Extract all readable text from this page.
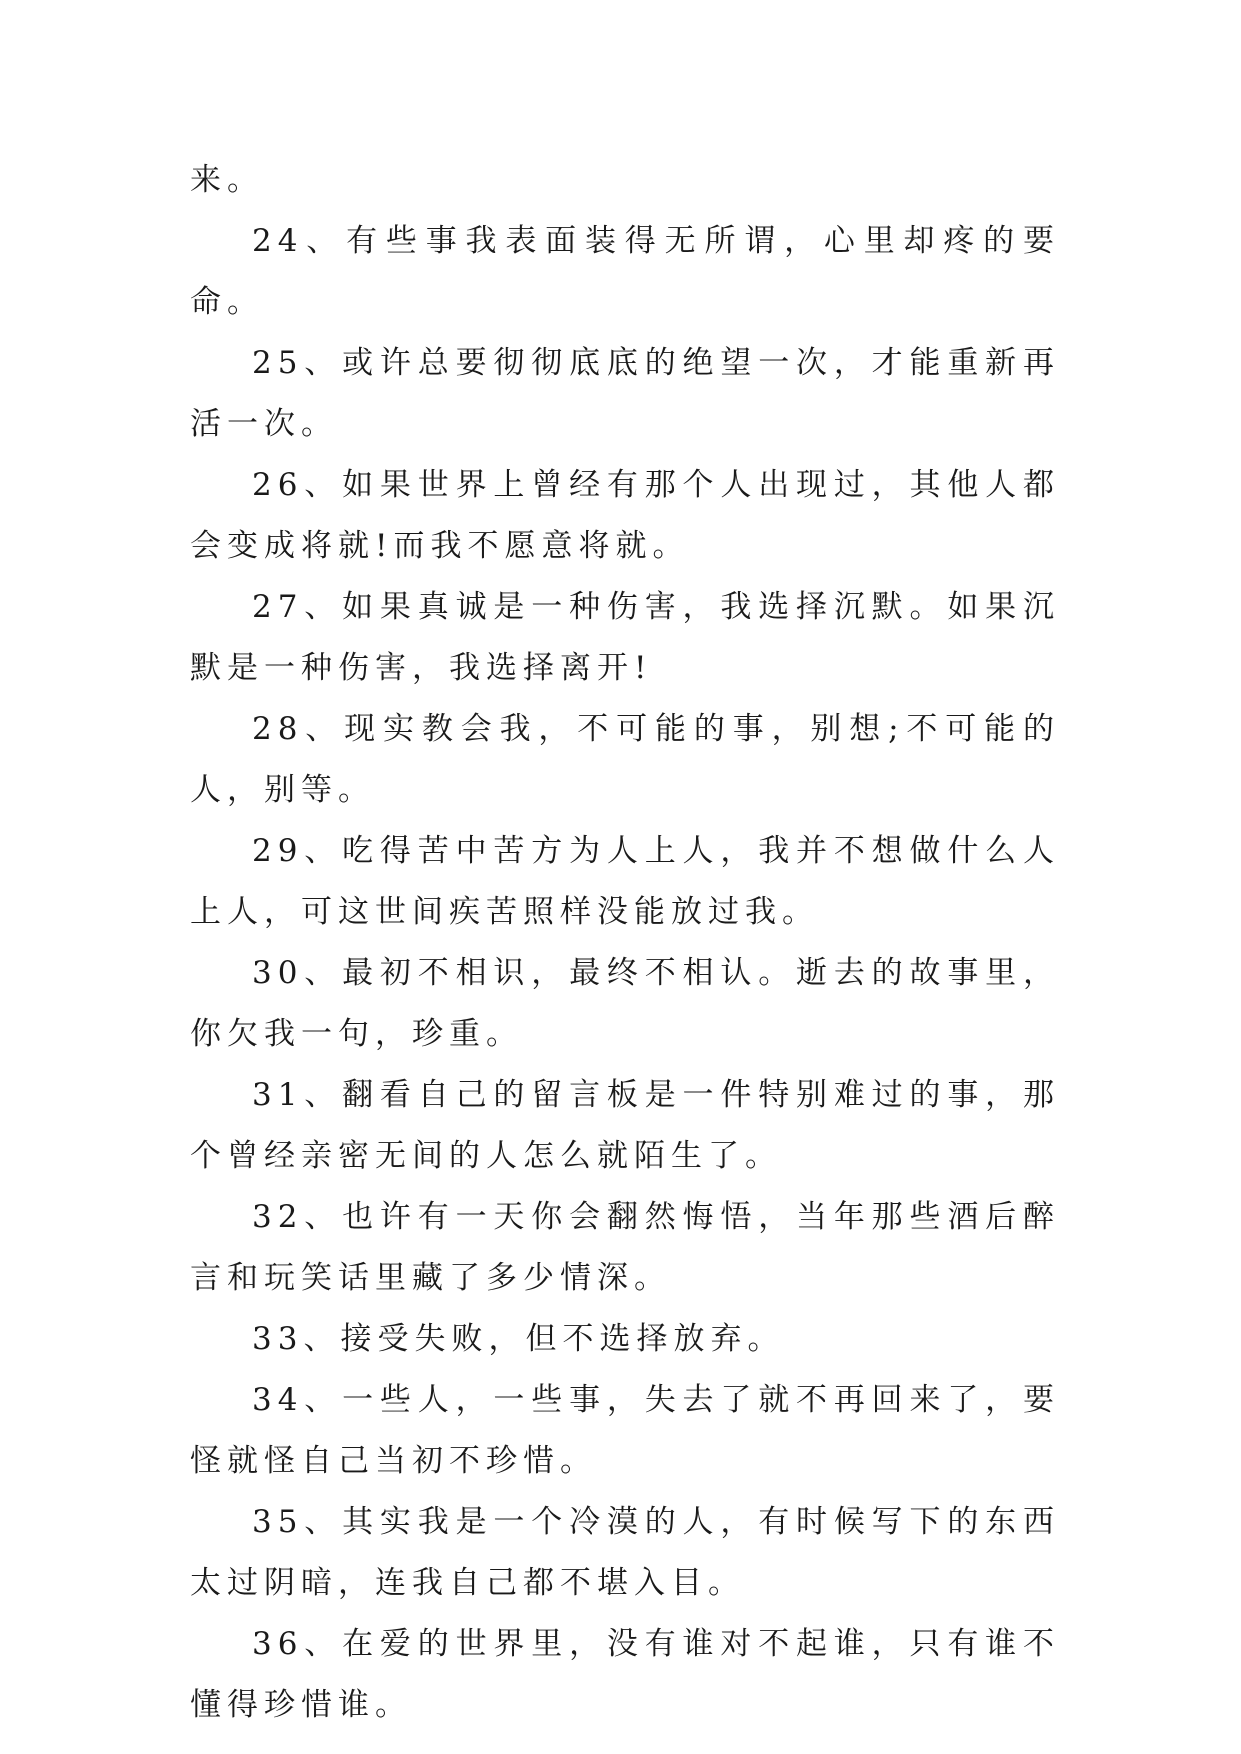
来。

24、有些事我表面装得无所谓，心里却疼的要命。

25、或许总要彻彻底底的绝望一次，才能重新再活一次。

26、如果世界上曾经有那个人出现过，其他人都会变成将就!而我不愿意将就。

27、如果真诚是一种伤害，我选择沉默。如果沉默是一种伤害，我选择离开!

28、现实教会我，不可能的事，别想;不可能的人，别等。

29、吃得苦中苦方为人上人，我并不想做什么人上人，可这世间疾苦照样没能放过我。

30、最初不相识，最终不相认。逝去的故事里，你欠我一句，珍重。

31、翻看自己的留言板是一件特别难过的事，那个曾经亲密无间的人怎么就陌生了。

32、也许有一天你会翻然悔悟，当年那些酒后醉言和玩笑话里藏了多少情深。

33、接受失败，但不选择放弃。

34、一些人，一些事，失去了就不再回来了，要怪就怪自己当初不珍惜。

35、其实我是一个冷漠的人，有时候写下的东西太过阴暗，连我自己都不堪入目。

36、在爱的世界里，没有谁对不起谁，只有谁不懂得珍惜谁。
